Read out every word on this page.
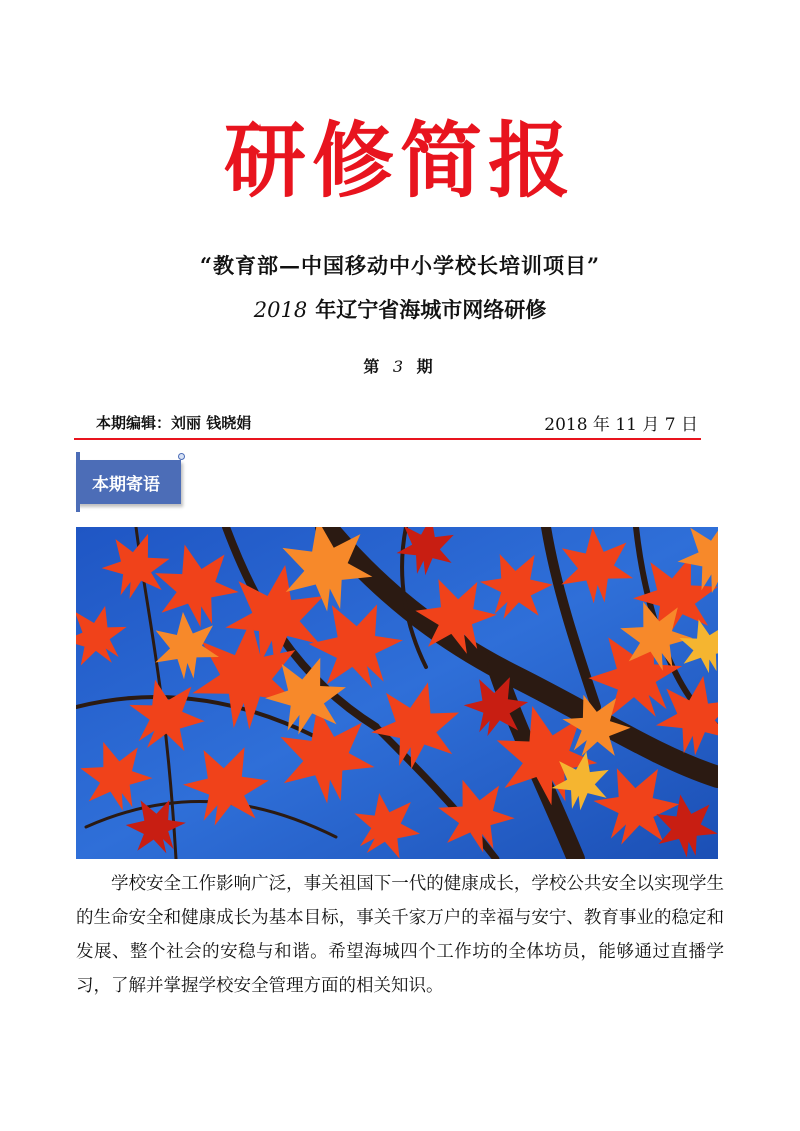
研修简报
“教育部—中国移动中小学校长培训项目”
2018 年辽宁省海城市网络研修
第 3 期
本期编辑：刘丽 钱晓娟	2018 年 11 月 7 日
本期寄语

学校安全工作影响广泛，事关祖国下一代的健康成长，学校公共安全以实现学生的生命安全和健康成长为基本目标，事关千家万户的幸福与安宁、教育事业的稳定和发展、整个社会的安稳与和谐。希望海城四个工作坊的全体坊员，能够通过直播学习，了解并掌握学校安全管理方面的相关知识。
